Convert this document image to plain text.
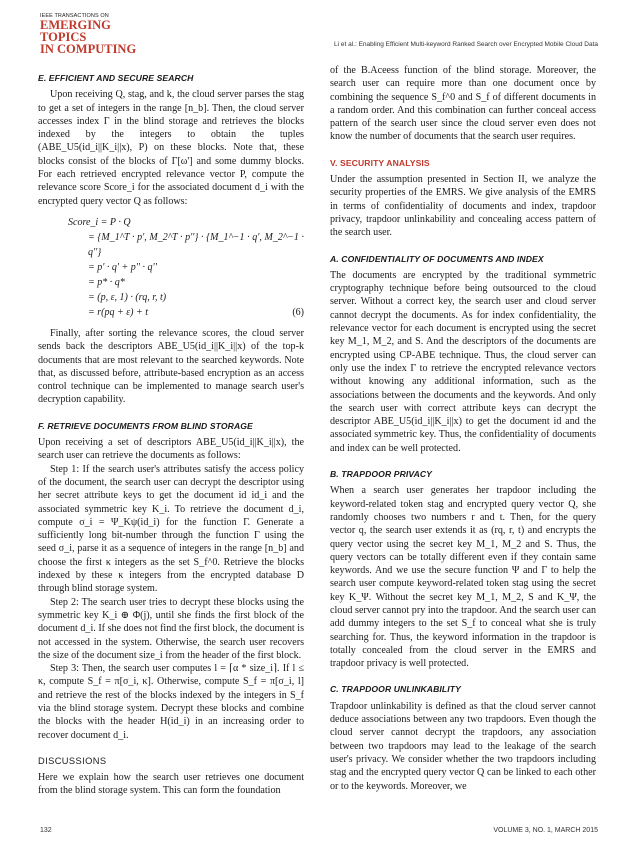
IEEE TRANSACTIONS ON
EMERGING TOPICS
IN COMPUTING	Li et al.: Enabling Efficient Multi-keyword Ranked Search over Encrypted Mobile Cloud Data
E. EFFICIENT AND SECURE SEARCH

Upon receiving Q, stag, and k, the cloud server parses the stag to get a set of integers in the range [n_b]. Then, the cloud server accesses index Γ in the blind storage and retrieves the blocks indexed by the integers to obtain the tuples (ABE_U5(id_i||K_i||x), P) on these blocks. Note that, these blocks consist of the blocks of Γ[ω'] and some dummy blocks. For each retrieved encrypted relevance vector P, compute the relevance score Score_i for the associated document d_i with the encrypted query vector Q as follows:

Score_i = P · Q
= {M_1^T · p', M_2^T · p''} · {M_1^−1 · q', M_2^−1 · q''}
= p' · q' + p'' · q''
= p* · q*
= (p, ε, 1) · (rq, r, t)
= r(pq + ε) + t	(6)

Finally, after sorting the relevance scores, the cloud server sends back the descriptors ABE_U5(id_i||K_i||x) of the top-k documents that are most relevant to the searched keywords. Note that, as discussed before, attribute-based encryption as an access control technique can be implemented to manage search user's decryption capability.

F. RETRIEVE DOCUMENTS FROM BLIND STORAGE

Upon receiving a set of descriptors ABE_U5(id_i||K_i||x), the search user can retrieve the documents as follows:

Step 1: If the search user's attributes satisfy the access policy of the document, the search user can decrypt the descriptor using her secret attribute keys to get the document id id_i and the associated symmetric key K_i. To retrieve the document d_i, compute σ_i = Ψ_Kψ(id_i) for the function Γ. Generate a sufficiently long bit-number through the function Γ using the seed σ_i, parse it as a sequence of integers in the range [n_b] and choose the first κ integers as the set S_f^0. Retrieve the blocks indexed by these κ integers from the encrypted database D through blind storage system.

Step 2: The search user tries to decrypt these blocks using the symmetric key K_i ⊕ Φ(j), until she finds the first block of the document d_i. If she does not find the first block, the document is not accessed in the system. Otherwise, the search user recovers the size of the document size_i from the header of the first block.

Step 3: Then, the search user computes l = ⌈α * size_i⌉. If l ≤ κ, compute S_f = π[σ_i, κ]. Otherwise, compute S_f = π[σ_i, l] and retrieve the rest of the blocks indexed by the integers in S_f via the blind storage system. Decrypt these blocks and combine the blocks with the header H(id_i) in an increasing order to recover document d_i.

DISCUSSIONS

Here we explain how the search user retrieves one document from the blind storage system. This can form the foundation

of the B.Aceess function of the blind storage. Moreover, the search user can require more than one document once by combining the sequence S_f^0 and S_f of different documents in a random order. And this combination can further conceal access pattern of the search user since the cloud server even does not know the number of documents that the search user requires.

V. SECURITY ANALYSIS

Under the assumption presented in Section II, we analyze the security properties of the EMRS. We give analysis of the EMRS in terms of confidentiality of documents and index, trapdoor privacy, trapdoor unlinkability and concealing access pattern of the search user.

A. CONFIDENTIALITY OF DOCUMENTS AND INDEX

The documents are encrypted by the traditional symmetric cryptography technique before being outsourced to the cloud server. Without a correct key, the search user and cloud server cannot decrypt the documents. As for index confidentiality, the relevance vector for each document is encrypted using the secret key M_1, M_2, and S. And the descriptors of the documents are encrypted using CP-ABE technique. Thus, the cloud server can only use the index Γ to retrieve the encrypted relevance vectors without knowing any additional information, such as the associations between the documents and the keywords. And only the search user with correct attribute keys can decrypt the descriptor ABE_U5(id_i||K_i||x) to get the document id and the associated symmetric key. Thus, the confidentiality of documents and index can be well protected.

B. TRAPDOOR PRIVACY

When a search user generates her trapdoor including the keyword-related token stag and encrypted query vector Q, she randomly chooses two numbers r and t. Then, for the query vector q, the search user extends it as (rq, r, t) and encrypts the query vector using the secret key M_1, M_2 and S. Thus, the query vectors can be totally different even if they contain same keywords. And we use the secure function Ψ and Γ to help the search user compute keyword-related token stag using the secret key K_Ψ. Without the secret key M_1, M_2, S and K_Ψ, the cloud server cannot pry into the trapdoor. And the search user can add dummy integers to the set S_f to conceal what she is truly searching for. Thus, the keyword information in the trapdoor is totally concealed from the cloud server in the EMRS and trapdoor privacy is well protected.

C. TRAPDOOR UNLINKABILITY

Trapdoor unlinkability is defined as that the cloud server cannot deduce associations between any two trapdoors. Even though the cloud server cannot decrypt the trapdoors, any association between two trapdoors may lead to the leakage of the search user's privacy. We consider whether the two trapdoors including stag and the encrypted query vector Q can be linked to each other or to the keywords. Moreover, we

132	VOLUME 3, NO. 1, MARCH 2015
